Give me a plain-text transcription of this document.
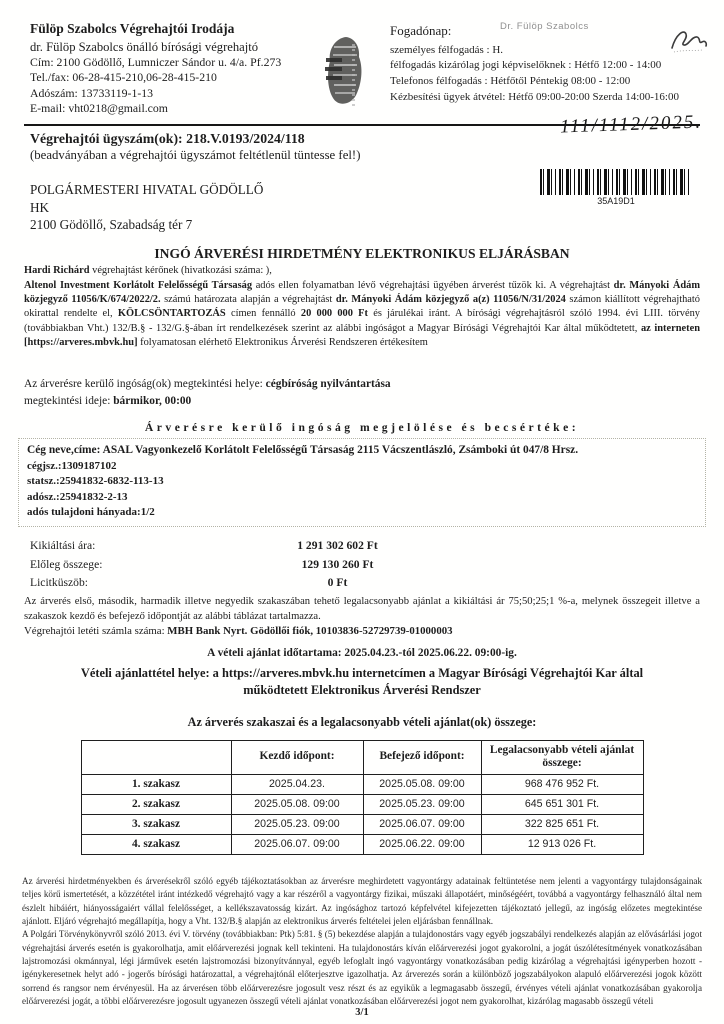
Fülöp Szabolcs Végrehajtói Irodája
dr. Fülöp Szabolcs önálló bírósági végrehajtó
Cím: 2100 Gödöllő, Lumniczer Sándor u. 4/a. Pf.273
Tel./fax: 06-28-415-210,06-28-415-210
Adószám: 13733119-1-13
E-mail: vht0218@gmail.com
Fogadónap:	Dr. Fülöp Szabolcs
személyes félfogadás : H.
félfogadás kizárólag jogi képviselőknek : Hétfő 12:00 - 14:00
Telefonos félfogadás : Hétfőtől Péntekig 08:00 - 12:00
Kézbesítési ügyek átvétel: Hétfő 09:00-20:00 Szerda 14:00-16:00
Végrehajtói ügyszám(ok): 218.V.0193/2024/118
(beadványában a végrehajtói ügyszámot feltétlenül tüntesse fel!)
111/1112/2025.
POLGÁRMESTERI HIVATAL GÖDÖLLŐ
HK
2100 Gödöllő, Szabadság tér 7
35A19D1
INGÓ ÁRVERÉSI HIRDETMÉNY ELEKTRONIKUS ELJÁRÁSBAN
Hardi Richárd végrehajtást kérőnek (hivatkozási száma: ),
Altenol Investment Korlátolt Felelősségű Társaság adós ellen folyamatban lévő végrehajtási ügyében árverést tűzök ki. A végrehajtást dr. Mányoki Ádám közjegyző 11056/K/674/2022/2. számú határozata alapján a végrehajtást dr. Mányoki Ádám közjegyző a(z) 11056/N/31/2024 számon kiállított végrehajtható okirattal rendelte el, KÖLCSÖNTARTOZÁS címen fennálló 20 000 000 Ft és járulékai iránt. A bírósági végrehajtásról szóló 1994. évi LIII. törvény (továbbiakban Vht.) 132/B.§ - 132/G.§-ában írt rendelkezések szerint az alábbi ingóságot a Magyar Bírósági Végrehajtói Kar által működtetett, az interneten [https://arveres.mbvk.hu] folyamatosan elérhető Elektronikus Árverési Rendszeren értékesítem
Az árverésre kerülő ingóság(ok) megtekintési helye: cégbíróság nyilvántartása
megtekintési ideje: bármikor, 00:00
Árverésre kerülő ingóság megjelölése és becsértéke:
Cég neve,címe: ASAL Vagyonkezelő Korlátolt Felelősségű Társaság 2115 Vácszentlászló, Zsámboki út 047/8 Hrsz.
cégjsz.:1309187102
statsz.:25941832-6832-113-13
adósz.:25941832-2-13
adós tulajdoni hányada:1/2
Kikiáltási ára:	1 291 302 602 Ft
Előleg összege:	129 130 260 Ft
Licitküszöb:	0 Ft
Az árverés első, második, harmadik illetve negyedik szakaszában tehető legalacsonyabb ajánlat a kikiáltási ár 75;50;25;1 %-a, melynek összegeit illetve a szakaszok kezdő és befejező időpontját az alábbi táblázat tartalmazza.
Végrehajtói letéti számla száma: MBH Bank Nyrt. Gödöllői fiók, 10103836-52729739-01000003
A vételi ajánlat időtartama: 2025.04.23.-tól 2025.06.22. 09:00-ig.
Vételi ajánlattétel helye: a https://arveres.mbvk.hu internetcímen a Magyar Bírósági Végrehajtói Kar által működtetett Elektronikus Árverési Rendszer
Az árverés szakaszai és a legalacsonyabb vételi ajánlat(ok) összege:
	Kezdő időpont:	Befejező időpont:	Legalacsonyabb vételi ajánlat összege:
1. szakasz	2025.04.23.	2025.05.08. 09:00	968 476 952 Ft.
2. szakasz	2025.05.08. 09:00	2025.05.23. 09:00	645 651 301 Ft.
3. szakasz	2025.05.23. 09:00	2025.06.07. 09:00	322 825 651 Ft.
4. szakasz	2025.06.07. 09:00	2025.06.22. 09:00	12 913 026 Ft.

Az árverési hirdetményekben és árverésekről szóló egyéb tájékoztatásokban az árverésre meghirdetett vagyontárgy adatainak feltüntetése nem jelenti a vagyontárgy tulajdonságainak teljes körű ismertetését, a közzététel iránt intézkedő végrehajtó vagy a kar részéről a vagyontárgy fizikai, műszaki állapotáért, minőségéért, továbbá a vagyontárgy felhasználó által nem észlelt hibáiért, hiányosságaiért vállal felelősséget, a kellékszavatosság kizárt. Az ingósághoz tartozó képfelvétel kifejezetten tájékoztató jellegű, az ingóság előzetes megtekintése ajánlott. Eljáró végrehajtó megállapítja, hogy a Vht. 132/B.§ alapján az elektronikus árverés feltételei jelen eljárásban fennállnak.

A Polgári Törvénykönyvről szóló 2013. évi V. törvény (továbbiakban: Ptk) 5:81. § (5) bekezdése alapján a tulajdonostárs vagy egyéb jogszabályi rendelkezés alapján az elővásárlási jogot végrehajtási árverés esetén is gyakorolhatja, amit előárverezési jognak kell tekinteni. Ha tulajdonostárs kíván előárverezési jogot gyakorolni, a jogát úszólétesítmények vonatkozásában lajstromozási okmánnyal, légi járművek esetén lajstromozási bizonyítvánnyal, egyéb lefoglalt ingó vagyontárgy vonatkozásában pedig kizárólag a végrehajtási igényperben hozott - igénykeresetnek helyt adó - jogerős bírósági határozattal, a végrehajtónál előterjesztve igazolhatja. Az árverezés során a különböző jogszabályokon alapuló előárverezési jogok között sorrend és rangsor nem érvényesül. Ha az árverésen több előárverezésre jogosult vesz részt és az egyikük a legmagasabb összegű, érvényes vételi ajánlat vonatkozásában gyakorolja előárverezési jogát, a többi előárverezésre jogosult ugyanezen összegű vételi ajánlat vonatkozásában előárverezési jogot nem gyakorolhat, kizárólag magasabb összegű vételi

3/1
